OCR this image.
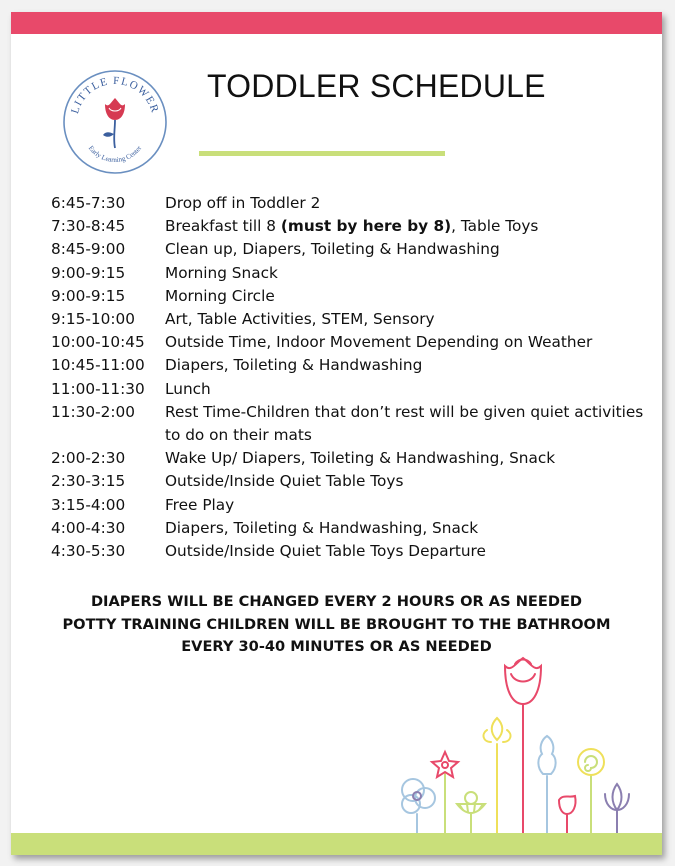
LITTLE FLOWER
Early Learning Center
TODDLER SCHEDULE
6:45-7:30	Drop off in Toddler 2
7:30-8:45	Breakfast till 8 (must by here by 8), Table Toys
8:45-9:00	Clean up, Diapers, Toileting & Handwashing
9:00-9:15	Morning Snack
9:00-9:15	Morning Circle
9:15-10:00	Art, Table Activities, STEM, Sensory
10:00-10:45	Outside Time, Indoor Movement Depending on Weather
10:45-11:00	Diapers, Toileting & Handwashing
11:00-11:30	Lunch
11:30-2:00	Rest Time-Children that don’t rest will be given quiet activities to do on their mats
2:00-2:30	Wake Up/ Diapers, Toileting & Handwashing, Snack
2:30-3:15	Outside/Inside Quiet Table Toys
3:15-4:00	Free Play
4:00-4:30	Diapers, Toileting & Handwashing, Snack
4:30-5:30	Outside/Inside Quiet Table Toys Departure
DIAPERS WILL BE CHANGED EVERY 2 HOURS OR AS NEEDED
POTTY TRAINING CHILDREN WILL BE BROUGHT TO THE BATHROOM
EVERY 30-40 MINUTES OR AS NEEDED
